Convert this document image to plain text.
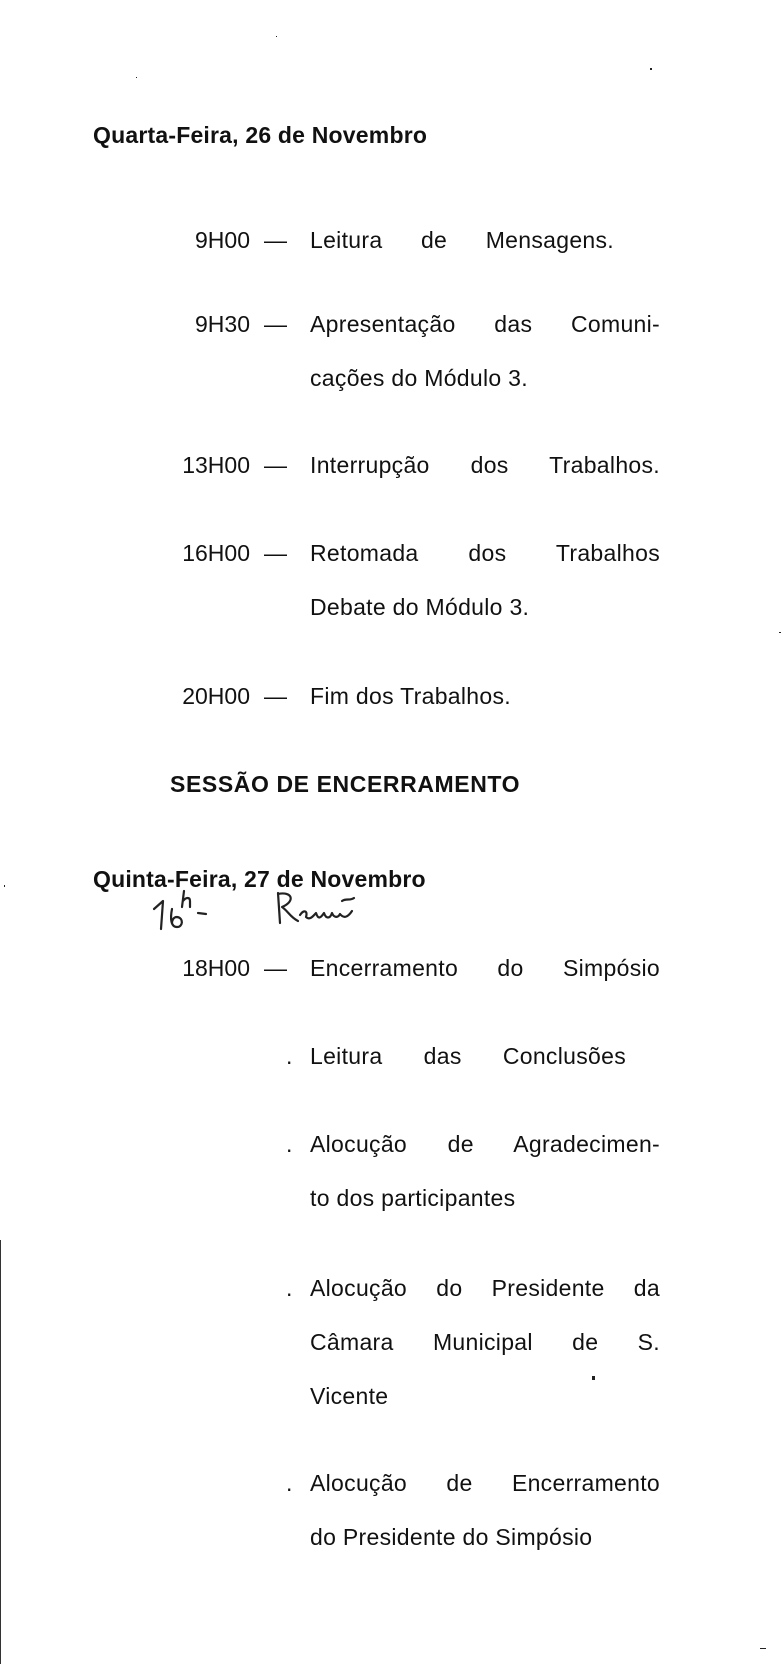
Quarta-Feira, 26 de Novembro
9H00 — Leitura de Mensagens.
9H30 — Apresentação das Comuni-
cações do Módulo 3.
13H00 — Interrupção dos Trabalhos.
16H00 — Retomada dos Trabalhos
Debate do Módulo 3.
20H00 — Fim dos Trabalhos.
SESSÃO DE ENCERRAMENTO
Quinta-Feira, 27 de Novembro
18H00 — Encerramento do Simpósio
. Leitura das Conclusões
. Alocução de Agradecimen-
to dos participantes
. Alocução do Presidente da
Câmara Municipal de S.
Vicente
. Alocução de Encerramento
do Presidente do Simpósio
